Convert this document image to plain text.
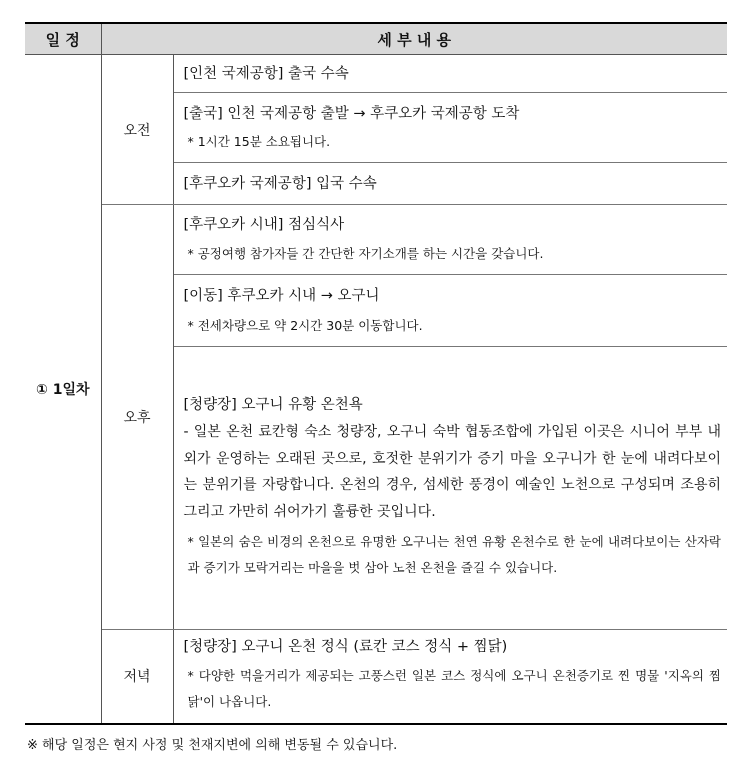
일 정	세 부 내 용	
① 1일차	오전	[인천 국제공항] 출국 수속

		[출국] 인천 국제공항 출발 → 후쿠오카 국제공항 도착
* 1시간 15분 소요됩니다.

		[후쿠오카 국제공항] 입국 수속

	오후	[후쿠오카 시내] 점심식사
* 공정여행 참가자들 간 간단한 자기소개를 하는 시간을 갖습니다.

		[이동] 후쿠오카 시내 → 오구니
* 전세차량으로 약 2시간 30분 이동합니다.

		[청량장] 오구니 유황 온천욕
- 일본 온천 료칸형 숙소 청량장, 오구니 숙박 협동조합에 가입된 이곳은 시니어 부부 내외가 운영하는 오래된 곳으로, 호젓한 분위기가 증기 마을 오구니가 한 눈에 내려다보이는 분위기를 자랑합니다. 온천의 경우, 섬세한 풍경이 예술인 노천으로 구성되며 조용히 그리고 가만히 쉬어가기 훌륭한 곳입니다.
* 일본의 숨은 비경의 온천으로 유명한 오구니는 천연 유황 온천수로 한 눈에 내려다보이는 산자락과 증기가 모락거리는 마을을 벗 삼아 노천 온천을 즐길 수 있습니다.

	저녁	[청량장] 오구니 온천 정식 (료칸 코스 정식 + 찜닭)
* 다양한 먹을거리가 제공되는 고풍스런 일본 코스 정식에 오구니 온천증기로 찐 명물 '지옥의 찜닭'이 나옵니다.

※ 해당 일정은 현지 사정 및 천재지변에 의해 변동될 수 있습니다.
